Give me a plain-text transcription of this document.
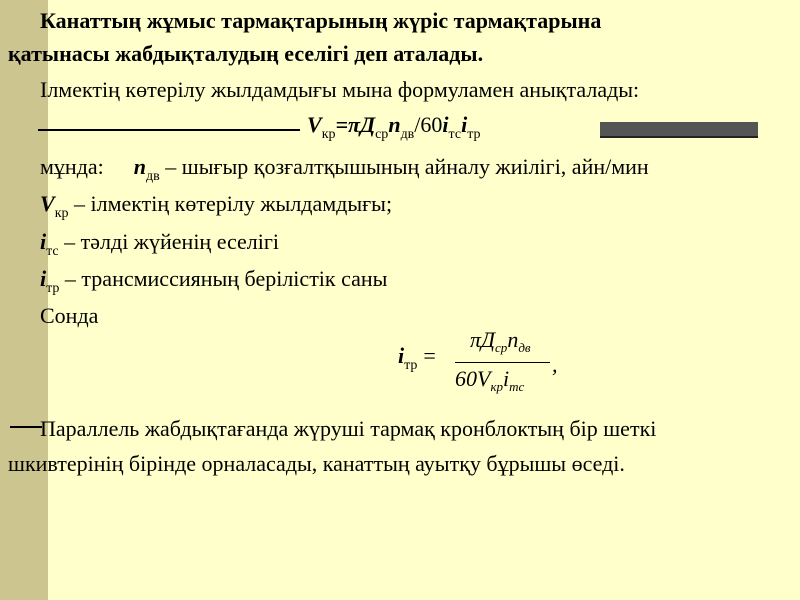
Канаттың жұмыс тармақтарының жүріс тармақтарына
қатынасы жабдықталудың еселігі деп аталады.
Ілмектің көтерілу жылдамдығы мына формуламен анықталады:
$V_{кр}=\pi Д_{ср}n_{дв}/60i_{тс}i_{тр}$
мұнда: $n_{дв}$ – шығыр қозғалтқышының айналу жиілігі, айн/мин
$V_{кр}$ – ілмектің көтерілу жылдамдығы;
$i_{тс}$ – тәлді жүйенің еселігі
$i_{тр}$ – трансмиссияның берілістік саны
Сонда
$i_{тр}$ =
$\pi Д_{ср}n_{дв}$
$60V_{кр}i_{тс}$
,
Параллель жабдықтағанда жүруші тармақ кронблоктың бір шеткі
шкивтерінің бірінде орналасады, канаттың ауытқу бұрышы өседі.
